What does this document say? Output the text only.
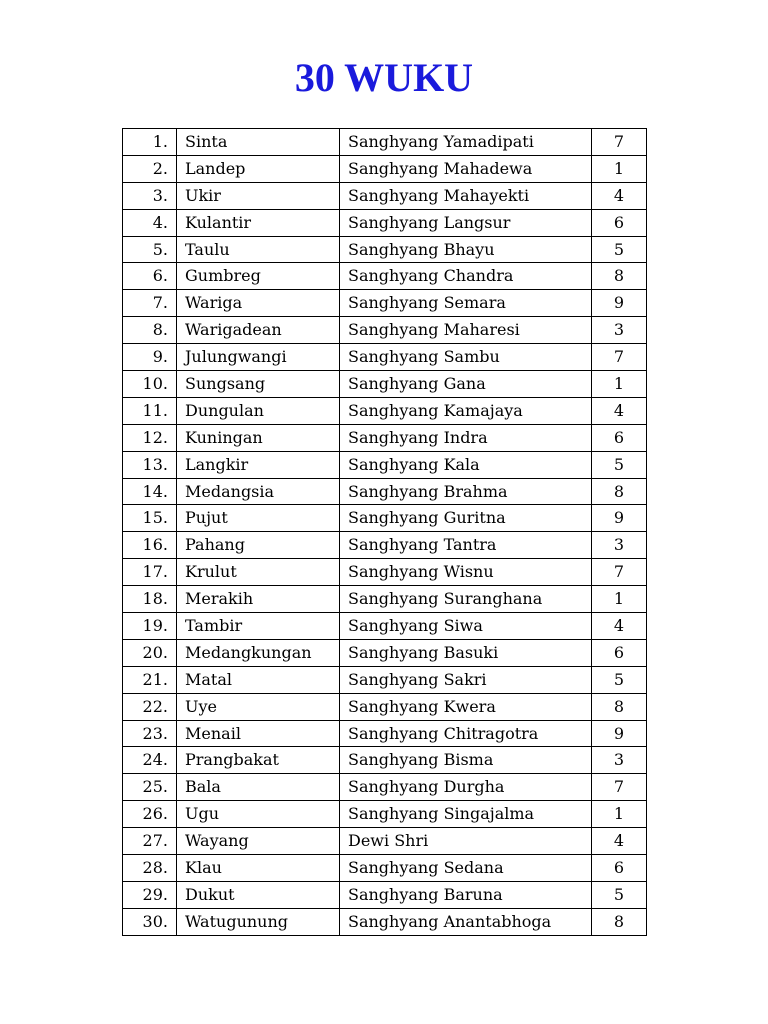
30 WUKU
1.	Sinta	Sanghyang Yamadipati	7
2.	Landep	Sanghyang Mahadewa	1
3.	Ukir	Sanghyang Mahayekti	4
4.	Kulantir	Sanghyang Langsur	6
5.	Taulu	Sanghyang Bhayu	5
6.	Gumbreg	Sanghyang Chandra	8
7.	Wariga	Sanghyang Semara	9
8.	Warigadean	Sanghyang Maharesi	3
9.	Julungwangi	Sanghyang Sambu	7
10.	Sungsang	Sanghyang Gana	1
11.	Dungulan	Sanghyang Kamajaya	4
12.	Kuningan	Sanghyang Indra	6
13.	Langkir	Sanghyang Kala	5
14.	Medangsia	Sanghyang Brahma	8
15.	Pujut	Sanghyang Guritna	9
16.	Pahang	Sanghyang Tantra	3
17.	Krulut	Sanghyang Wisnu	7
18.	Merakih	Sanghyang Suranghana	1
19.	Tambir	Sanghyang Siwa	4
20.	Medangkungan	Sanghyang Basuki	6
21.	Matal	Sanghyang Sakri	5
22.	Uye	Sanghyang Kwera	8
23.	Menail	Sanghyang Chitragotra	9
24.	Prangbakat	Sanghyang Bisma	3
25.	Bala	Sanghyang Durgha	7
26.	Ugu	Sanghyang Singajalma	1
27.	Wayang	Dewi Shri	4
28.	Klau	Sanghyang Sedana	6
29.	Dukut	Sanghyang Baruna	5
30.	Watugunung	Sanghyang Anantabhoga	8
